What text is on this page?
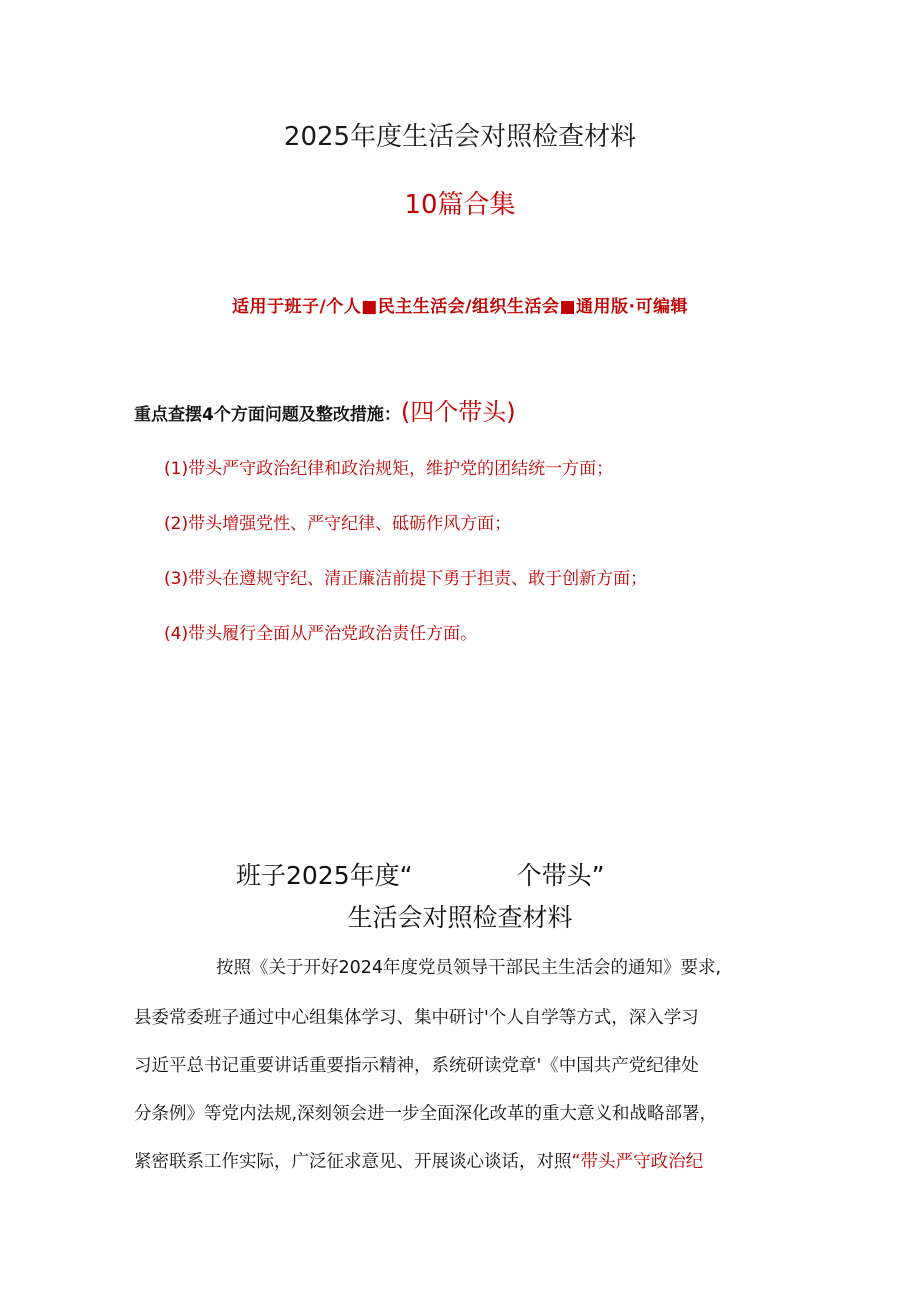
2025年度生活会对照检查材料
10篇合集
适用于班子/个人■民主生活会/组织生活会■通用版·可编辑
重点查摆4个方面问题及整改措施：(四个带头)
(1)带头严守政治纪律和政治规矩，维护党的团结统一方面；
(2)带头增强党性、严守纪律、砥砺作风方面；
(3)带头在遵规守纪、清正廉洁前提下勇于担责、敢于创新方面；
(4)带头履行全面从严治党政治责任方面。
班子2025年度“	个带头”
生活会对照检查材料
按照《关于开好2024年度党员领导干部民主生活会的通知》要求,
县委常委班子通过中心组集体学习、集中研讨'个人自学等方式，深入学习
习近平总书记重要讲话重要指示精神，系统研读党章'《中国共产党纪律处
分条例》等党内法规,深刻领会进一步全面深化改革的重大意义和战略部署，
紧密联系工作实际，广泛征求意见、开展谈心谈话，对照“带头严守政治纪
